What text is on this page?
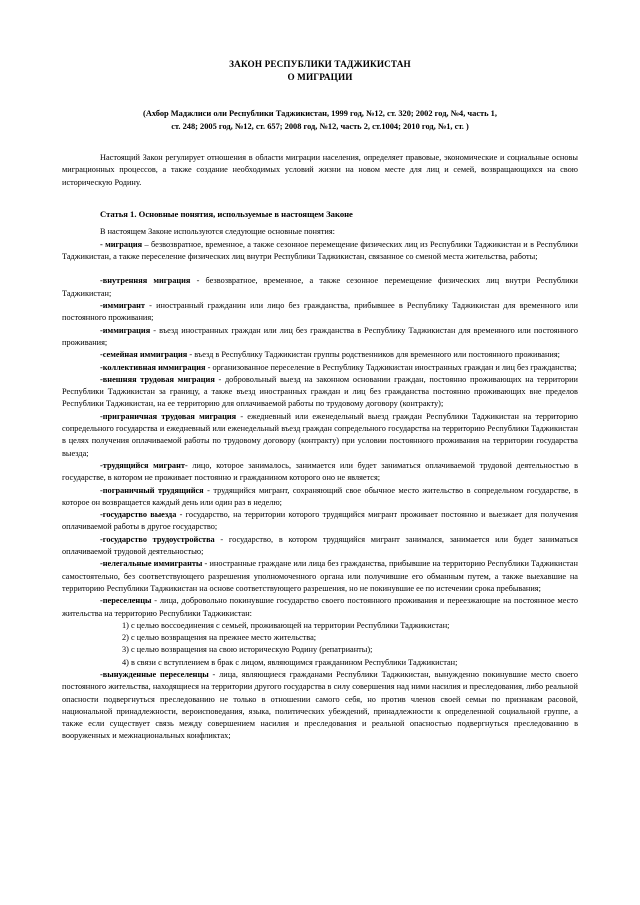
ЗАКОН РЕСПУБЛИКИ ТАДЖИКИСТАН
О МИГРАЦИИ
(Ахбор Маджлиси оли Республики Таджикистан, 1999 год, №12, ст. 320; 2002 год, №4, часть 1,
ст. 248; 2005 год, №12, ст. 657; 2008 год, №12, часть 2, ст.1004; 2010 год, №1, ст. )

Настоящий Закон регулирует отношения в области миграции населения, определяет правовые, экономические и социальные основы миграционных процессов, а также создание необходимых условий жизни на новом месте для лиц и семей, возвращающихся на свою историческую Родину.

Статья 1. Основные понятия, используемые в настоящем Законе

В настоящем Законе используются следующие основные понятия:

- миграция – безвозвратное, временное, а также сезонное перемещение физических лиц из Республики Таджикистан и в Республики Таджикистан, а также переселение физических лиц внутри Республики Таджикистан, связанное со сменой места жительства, работы;

-внутренняя миграция - безвозвратное, временное, а также сезонное перемещение физических лиц внутри Республики Таджикистан;

-иммигрант - иностранный гражданин или лицо без гражданства, прибывшее в Республику Таджикистан для временного или постоянного проживания;

-иммиграция - въезд иностранных граждан или лиц без гражданства в Республику Таджикистан для временного или постоянного проживания;

-семейная иммиграция - въезд в Республику Таджикистан группы родственников для временного или постоянного проживания;

-коллективная иммиграция - организованное переселение в Республику Таджикистан иностранных граждан и лиц без гражданства;

-внешняя трудовая миграция - добровольный выезд на законном основании граждан, постоянно проживающих на территории Республики Таджикистан за границу, а также въезд иностранных граждан и лиц без гражданства постоянно проживающих вне пределов Республики Таджикистан, на ее территорию для оплачиваемой работы по трудовому договору (контракту);

-приграничная трудовая миграция - ежедневный или еженедельный выезд граждан Республики Таджикистан на территорию сопредельного государства и ежедневный или еженедельный въезд граждан сопредельного государства на территорию Республики Таджикистан в целях получения оплачиваемой работы по трудовому договору (контракту) при условии постоянного проживания на территории государства выезда;

-трудящийся мигрант- лицо, которое занималось, занимается или будет заниматься оплачиваемой трудовой деятельностью в государстве, в котором не проживает постоянно и гражданином которого оно не является;

-пограничный трудящийся - трудящийся мигрант, сохраняющий свое обычное место жительство в сопредельном государстве, в которое он возвращается каждый день или один раз в неделю;

-государство выезда - государство, на территории которого трудящийся мигрант проживает постоянно и выезжает для получения оплачиваемой работы в другое государство;

-государство трудоустройства - государство, в котором трудящийся мигрант занимался, занимается или будет заниматься оплачиваемой трудовой деятельностью;

-нелегальные иммигранты - иностранные граждане или лица без гражданства, прибывшие на территорию Республики Таджикистан самостоятельно, без соответствующего разрешения уполномоченного органа или получившие его обманным путем, а также выехавшие на территорию Республики Таджикистан на основе соответствующего разрешения, но не покинувшие ее по истечении срока пребывания;

-переселенцы - лица, добровольно покинувшие государство своего постоянного проживания и переезжающие на постоянное место жительства на территорию Республики Таджикистан:

1) с целью воссоединения с семьей, проживающей на территории Республики Таджикистан;

2) с целью возвращения на прежнее место жительства;

3) с целью возвращения на свою историческую Родину (репатрианты);

4) в связи с вступлением в брак с лицом, являющимся гражданином Республики Таджикистан;

-вынужденные переселенцы - лица, являющиеся гражданами Республики Таджикистан, вынужденно покинувшие место своего постоянного жительства, находящиеся на территории другого государства в силу совершения над ними насилия и преследования, либо реальной опасности подвергнуться преследованию не только в отношении самого себя, но против членов своей семьи по признакам расовой, национальной принадлежности, вероисповедания, языка, политических убеждений, принадлежности к определенной социальной группе, а также если существует связь между совершением насилия и преследования и реальной опасностью подвергнуться преследованию в вооруженных и межнациональных конфликтах;
